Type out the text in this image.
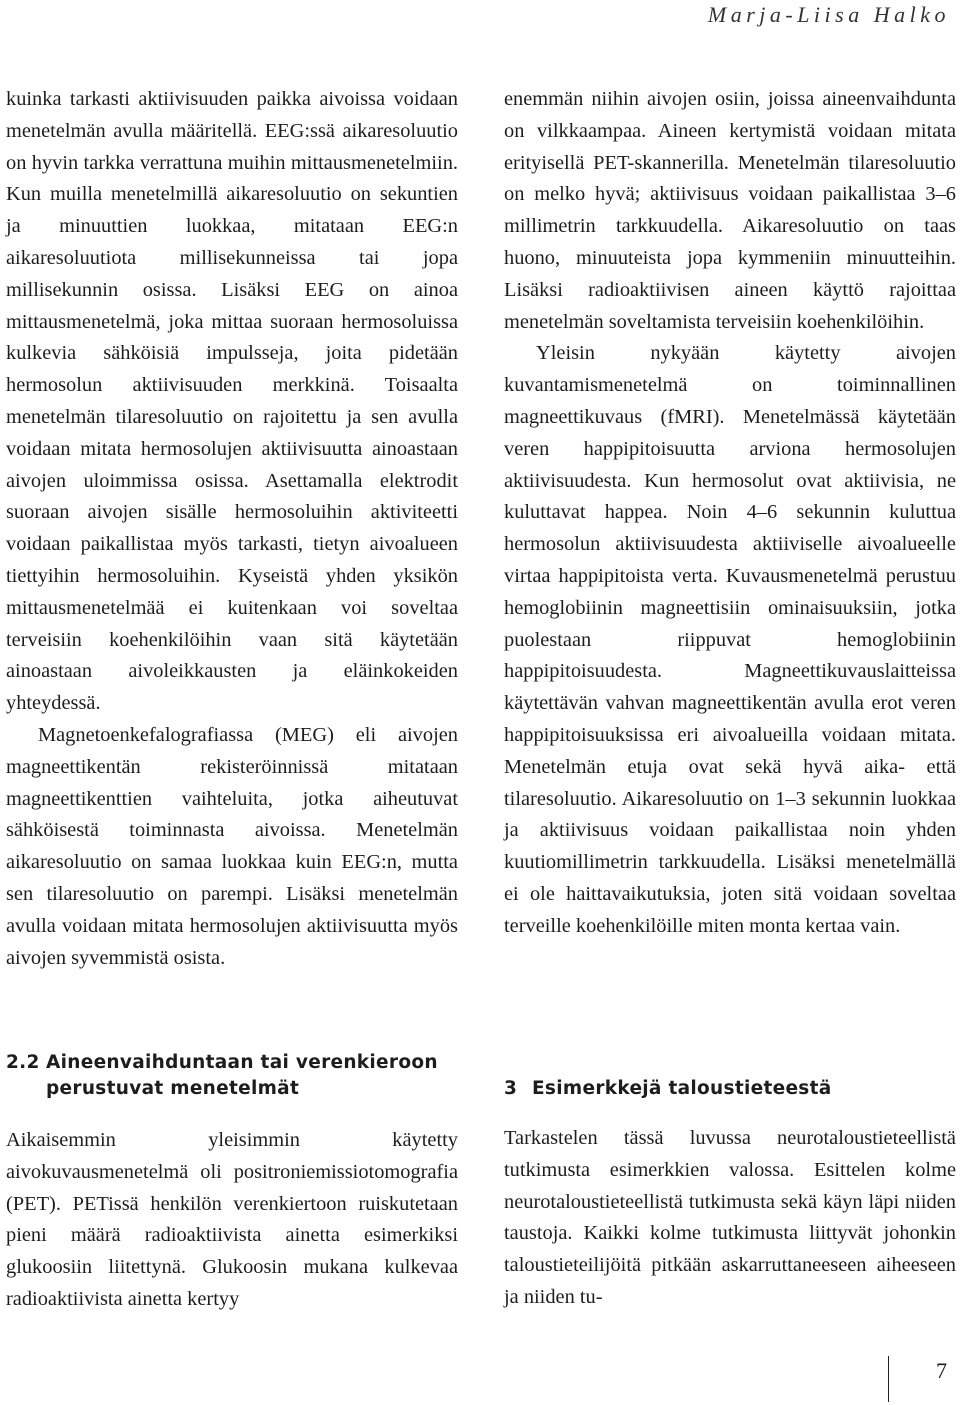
Marja-Liisa Halko

kuinka tarkasti aktiivisuuden paikka aivoissa voidaan menetelmän avulla määritellä. EEG:ssä aikaresoluutio on hyvin tarkka verrattuna muihin mittausmenetelmiin. Kun muilla menetelmillä aikaresoluutio on sekuntien ja minuuttien luokkaa, mitataan EEG:n aikaresoluutiota millisekunneissa tai jopa millisekunnin osissa. Lisäksi EEG on ainoa mittausmenetelmä, joka mittaa suoraan hermosoluissa kulkevia sähköisiä impulsseja, joita pidetään hermosolun aktiivisuuden merkkinä. Toisaalta menetelmän tilaresoluutio on rajoitettu ja sen avulla voidaan mitata hermosolujen aktiivisuutta ainoastaan aivojen uloimmissa osissa. Asettamalla elektrodit suoraan aivojen sisälle hermosoluihin aktiviteetti voidaan paikallistaa myös tarkasti, tietyn aivoalueen tiettyihin hermosoluihin. Kyseistä yhden yksikön mittausmenetelmää ei kuitenkaan voi soveltaa terveisiin koehenkilöihin vaan sitä käytetään ainoastaan aivoleikkausten ja eläinkokeiden yhteydessä.

Magnetoenkefalografiassa (MEG) eli aivojen magneettikentän rekisteröinnissä mitataan magneettikenttien vaihteluita, jotka aiheutuvat sähköisestä toiminnasta aivoissa. Menetelmän aikaresoluutio on samaa luokkaa kuin EEG:n, mutta sen tilaresoluutio on parempi. Lisäksi menetelmän avulla voidaan mitata hermosolujen aktiivisuutta myös aivojen syvemmistä osista.

2.2 Aineenvaihduntaan tai verenkieroon
perustuvat menetelmät

Aikaisemmin yleisimmin käytetty aivokuvausmenetelmä oli positroniemissiotomografia (PET). PETissä henkilön verenkiertoon ruiskutetaan pieni määrä radioaktiivista ainetta esimerkiksi glukoosiin liitettynä. Glukoosin mukana kulkevaa radioaktiivista ainetta kertyy

enemmän niihin aivojen osiin, joissa aineenvaihdunta on vilkkaampaa. Aineen kertymistä voidaan mitata erityisellä PET-skannerilla. Menetelmän tilaresoluutio on melko hyvä; aktiivisuus voidaan paikallistaa 3–6 millimetrin tarkkuudella. Aikaresoluutio on taas huono, minuuteista jopa kymmeniin minuutteihin. Lisäksi radioaktiivisen aineen käyttö rajoittaa menetelmän soveltamista terveisiin koehenkilöihin.

Yleisin nykyään käytetty aivojen kuvantamismenetelmä on toiminnallinen magneettikuvaus (fMRI). Menetelmässä käytetään veren happipitoisuutta arviona hermosolujen aktiivisuudesta. Kun hermosolut ovat aktiivisia, ne kuluttavat happea. Noin 4–6 sekunnin kuluttua hermosolun aktiivisuudesta aktiiviselle aivoalueelle virtaa happipitoista verta. Kuvausmenetelmä perustuu hemoglobiinin magneettisiin ominaisuuksiin, jotka puolestaan riippuvat hemoglobiinin happipitoisuudesta. Magneettikuvauslaitteissa käytettävän vahvan magneettikentän avulla erot veren happipitoisuuksissa eri aivoalueilla voidaan mitata. Menetelmän etuja ovat sekä hyvä aika- että tilaresoluutio. Aikaresoluutio on 1–3 sekunnin luokkaa ja aktiivisuus voidaan paikallistaa noin yhden kuutiomillimetrin tarkkuudella. Lisäksi menetelmällä ei ole haittavaikutuksia, joten sitä voidaan soveltaa terveille koehenkilöille miten monta kertaa vain.

3 Esimerkkejä taloustieteestä

Tarkastelen tässä luvussa neurotaloustieteellistä tutkimusta esimerkkien valossa. Esittelen kolme neurotaloustieteellistä tutkimusta sekä käyn läpi niiden taustoja. Kaikki kolme tutkimusta liittyvät johonkin taloustieteilijöitä pitkään askarruttaneeseen aiheeseen ja niiden tu-

7
